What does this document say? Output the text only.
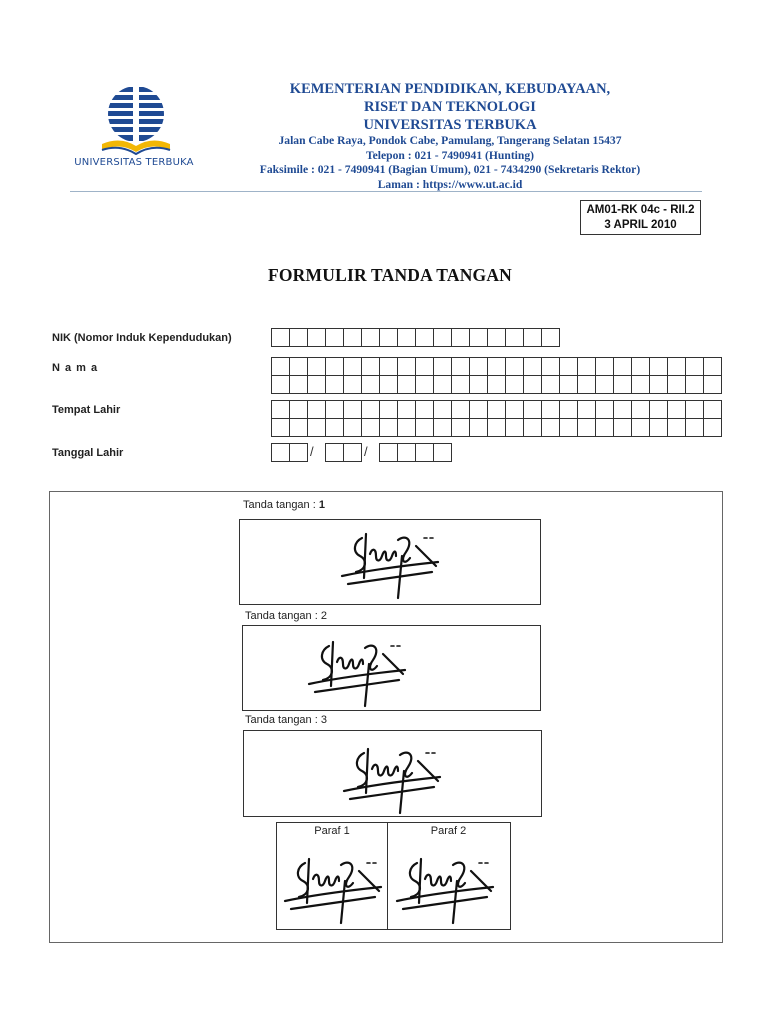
UNIVERSITAS TERBUKA
KEMENTERIAN PENDIDIKAN, KEBUDAYAAN,
RISET DAN TEKNOLOGI
UNIVERSITAS TERBUKA
Jalan Cabe Raya, Pondok Cabe, Pamulang, Tangerang Selatan 15437
Telepon : 021 - 7490941 (Hunting)
Faksimile : 021 - 7490941 (Bagian Umum), 021 - 7434290 (Sekretaris Rektor)
Laman : https://www.ut.ac.id
AM01-RK 04c - RII.2
3 APRIL 2010
FORMULIR TANDA TANGAN
NIK (Nomor Induk Kependudukan)
N a m a
Tempat Lahir
Tanggal Lahir	/	/
Tanda tangan : 1
Tanda tangan : 2
Tanda tangan : 3
Paraf 1	Paraf 2
